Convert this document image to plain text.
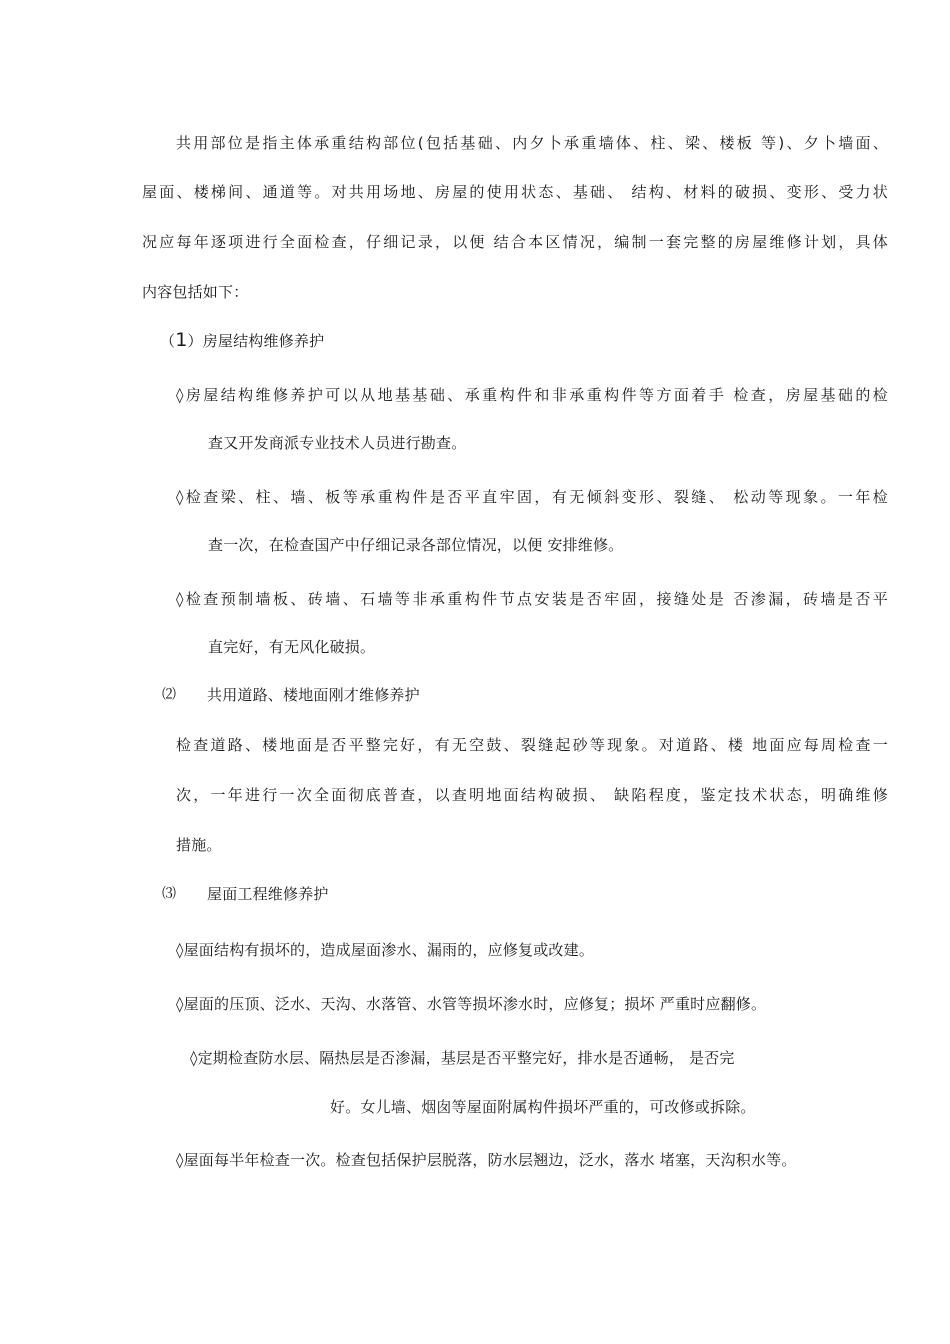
共用部位是指主体承重结构部位(包括基础、内夕卜承重墙体、柱、梁、楼板 等)、夕卜墙面、
屋面、楼梯间、通道等。对共用场地、房屋的使用状态、基础、 结构、材料的破损、变形、受力状
况应每年逐项进行全面检查，仔细记录，以便 结合本区情况，编制一套完整的房屋维修计划，具体
内容包括如下：
（1）房屋结构维修养护
◊房屋结构维修养护可以从地基基础、承重构件和非承重构件等方面着手 检查，房屋基础的检
查又开发商派专业技术人员进行勘查。
◊检查梁、柱、墙、板等承重构件是否平直牢固，有无倾斜变形、裂缝、 松动等现象。一年检
查一次，在检查国产中仔细记录各部位情况，以便 安排维修。
◊检查预制墙板、砖墙、石墙等非承重构件节点安装是否牢固，接缝处是 否渗漏，砖墙是否平
直完好，有无风化破损。
⑵ 共用道路、楼地面刚才维修养护
检查道路、楼地面是否平整完好，有无空鼓、裂缝起砂等现象。对道路、楼 地面应每周检查一
次，一年进行一次全面彻底普查，以查明地面结构破损、 缺陷程度，鉴定技术状态，明确维修
措施。
⑶ 屋面工程维修养护
◊屋面结构有损坏的，造成屋面渗水、漏雨的，应修复或改建。
◊屋面的压顶、泛水、天沟、水落管、水管等损坏渗水时，应修复；损坏 严重时应翻修。
◊定期检查防水层、隔热层是否渗漏，基层是否平整完好，排水是否通畅， 是否完
好。女儿墙、烟囱等屋面附属构件损坏严重的，可改修或拆除。
◊屋面每半年检查一次。检查包括保护层脱落，防水层翘边，泛水，落水 堵塞，天沟积水等。
